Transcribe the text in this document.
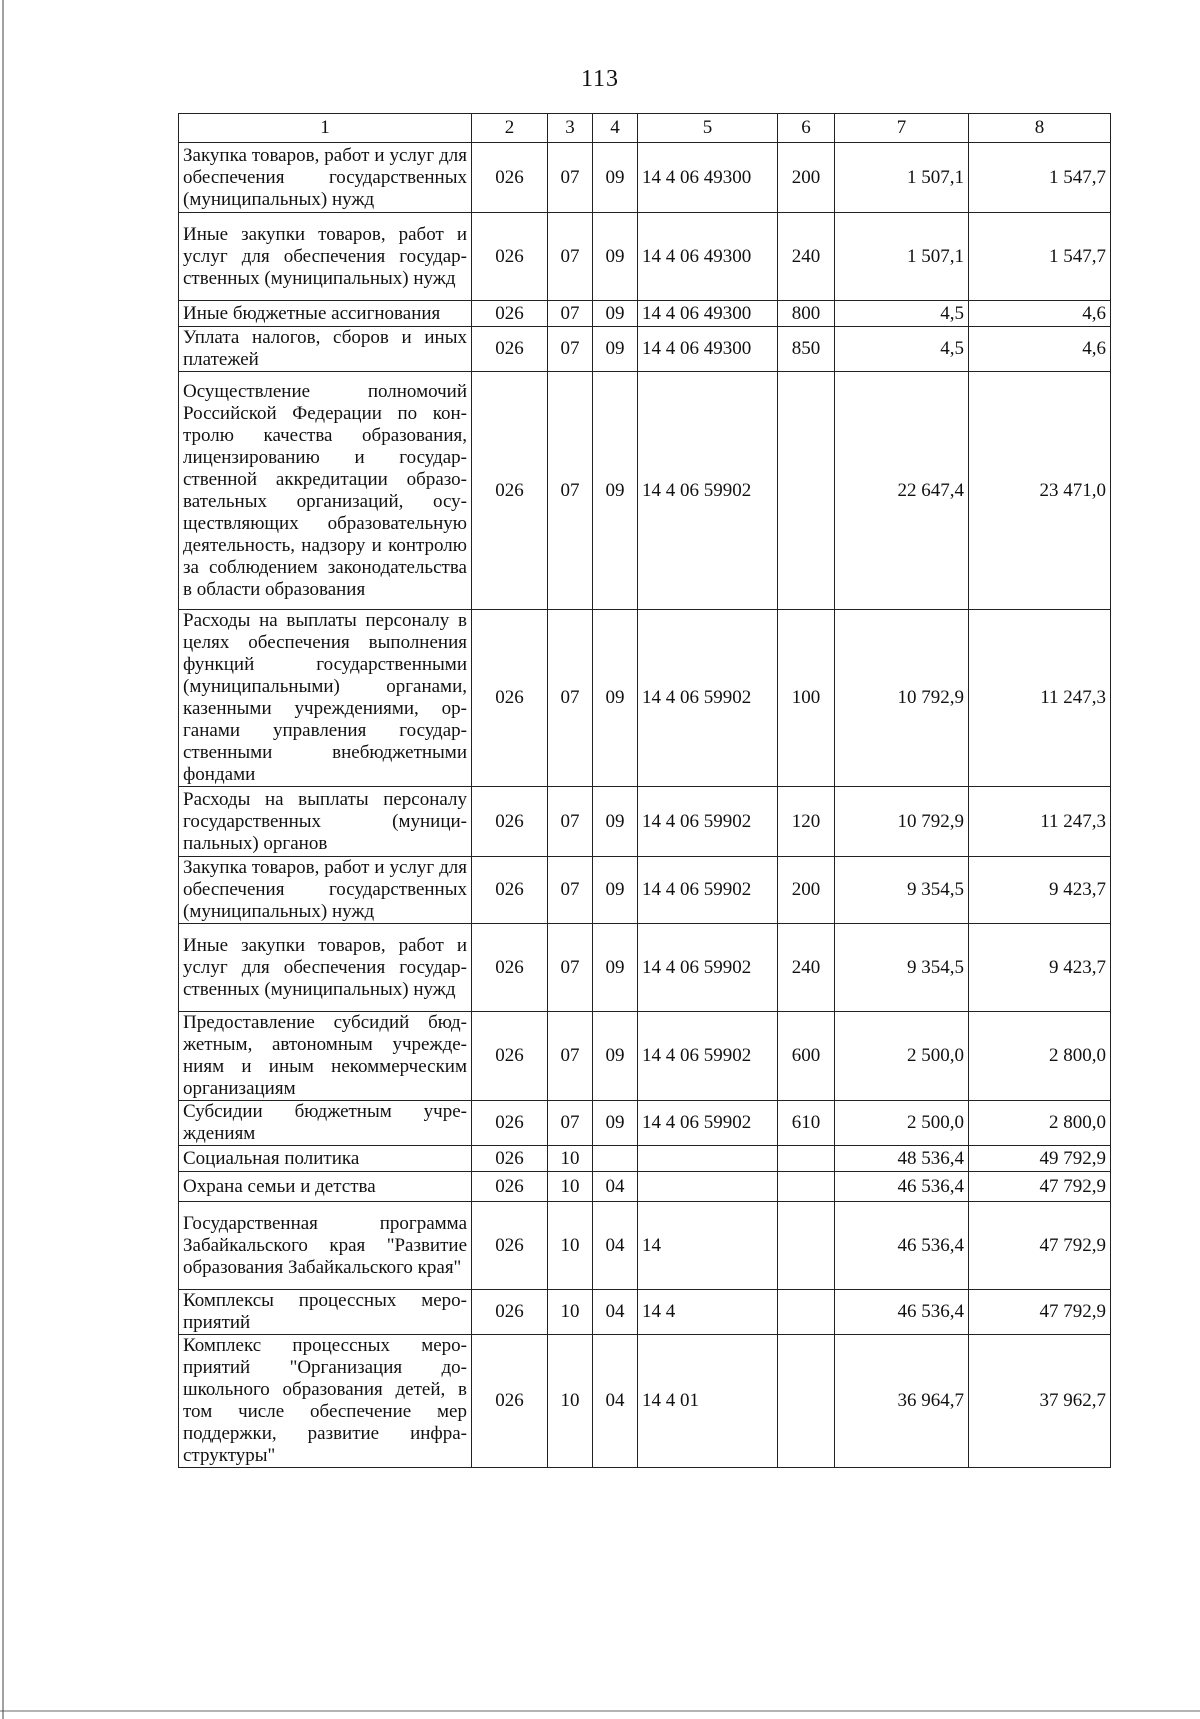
113
1	2	3	4	5	6	7	8
Закупка товаров, работ и услуг для обеспечения государственных (муниципальных) нужд	026	07	09	14 4 06 49300	200	1 507,1	1 547,7
Иные закупки товаров, работ и услуг для обеспечения государственных (муниципальных) нужд	026	07	09	14 4 06 49300	240	1 507,1	1 547,7
Иные бюджетные ассигнования	026	07	09	14 4 06 49300	800	4,5	4,6
Уплата налогов, сборов и иных платежей	026	07	09	14 4 06 49300	850	4,5	4,6
Осуществление полномочий Российской Федерации по контролю качества образования, лицензированию и государственной аккредитации образовательных организаций, осуществляющих образовательную деятельность, надзору и контролю за соблюдением законодательства в области образования	026	07	09	14 4 06 59902		22 647,4	23 471,0
Расходы на выплаты персоналу в целях обеспечения выполнения функций государственными (муниципальными) органами, казенными учреждениями, органами управления государственными внебюджетными фондами	026	07	09	14 4 06 59902	100	10 792,9	11 247,3
Расходы на выплаты персоналу государственных (муниципальных) органов	026	07	09	14 4 06 59902	120	10 792,9	11 247,3
Закупка товаров, работ и услуг для обеспечения государственных (муниципальных) нужд	026	07	09	14 4 06 59902	200	9 354,5	9 423,7
Иные закупки товаров, работ и услуг для обеспечения государственных (муниципальных) нужд	026	07	09	14 4 06 59902	240	9 354,5	9 423,7
Предоставление субсидий бюджетным, автономным учреждениям и иным некоммерческим организациям	026	07	09	14 4 06 59902	600	2 500,0	2 800,0
Субсидии бюджетным учреждениям	026	07	09	14 4 06 59902	610	2 500,0	2 800,0
Социальная политика	026	10				48 536,4	49 792,9
Охрана семьи и детства	026	10	04			46 536,4	47 792,9
Государственная программа Забайкальского края "Развитие образования Забайкальского края"	026	10	04	14		46 536,4	47 792,9
Комплексы процессных мероприятий	026	10	04	14 4		46 536,4	47 792,9
Комплекс процессных мероприятий "Организация дошкольного образования детей, в том числе обеспечение мер поддержки, развитие инфраструктуры"	026	10	04	14 4 01		36 964,7	37 962,7
